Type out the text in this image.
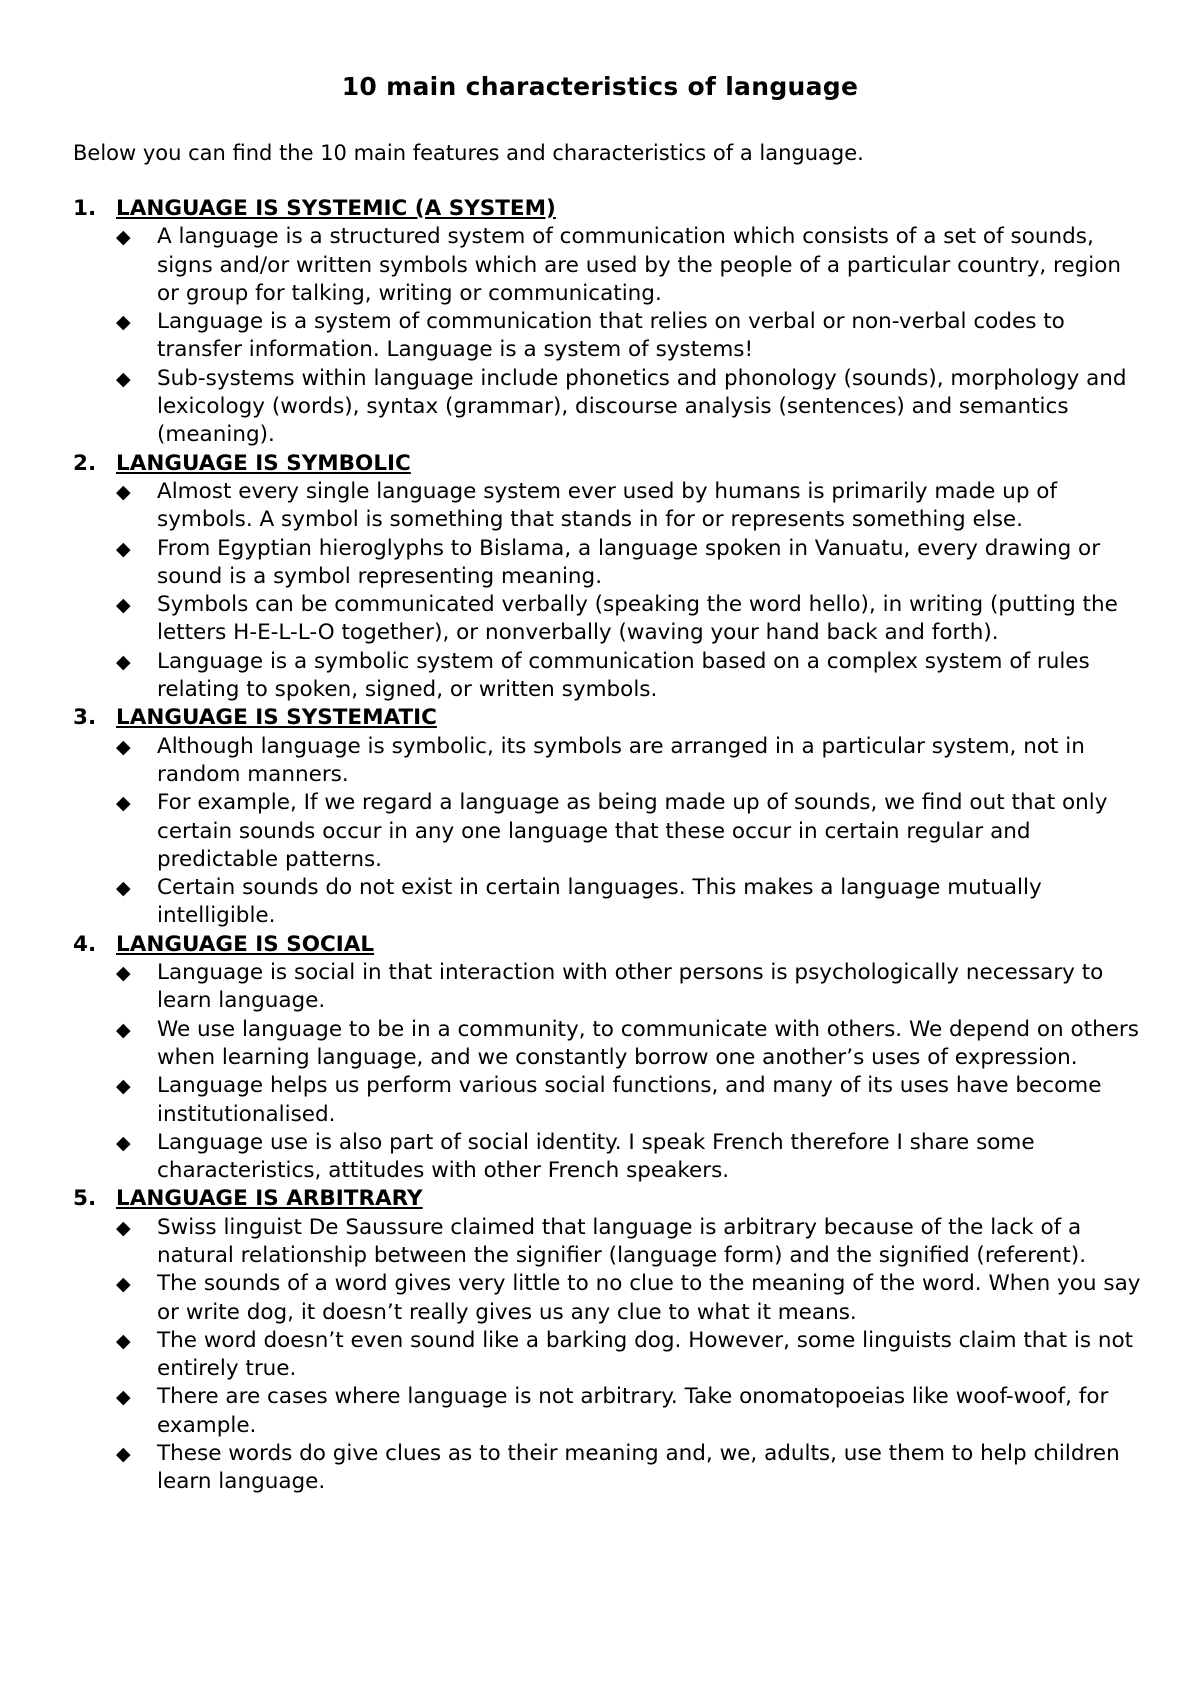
10 main characteristics of language

Below you can find the 10 main features and characteristics of a language.

1. LANGUAGE IS SYSTEMIC (A SYSTEM)
◆	A language is a structured system of communication which consists of a set of sounds, signs and/or written symbols which are used by the people of a particular country, region or group for talking, writing or communicating.
◆	Language is a system of communication that relies on verbal or non-verbal codes to transfer information. Language is a system of systems!
◆	Sub-systems within language include phonetics and phonology (sounds), morphology and lexicology (words), syntax (grammar), discourse analysis (sentences) and semantics (meaning).
2. LANGUAGE IS SYMBOLIC
◆	Almost every single language system ever used by humans is primarily made up of symbols. A symbol is something that stands in for or represents something else.
◆	From Egyptian hieroglyphs to Bislama, a language spoken in Vanuatu, every drawing or sound is a symbol representing meaning.
◆	Symbols can be communicated verbally (speaking the word hello), in writing (putting the letters H-E-L-L-O together), or nonverbally (waving your hand back and forth).
◆	Language is a symbolic system of communication based on a complex system of rules relating to spoken, signed, or written symbols.
3. LANGUAGE IS SYSTEMATIC
◆	Although language is symbolic, its symbols are arranged in a particular system, not in random manners.
◆	For example, If we regard a language as being made up of sounds, we find out that only certain sounds occur in any one language that these occur in certain regular and predictable patterns.
◆	Certain sounds do not exist in certain languages. This makes a language mutually intelligible.
4. LANGUAGE IS SOCIAL
◆	Language is social in that interaction with other persons is psychologically necessary to learn language.
◆	We use language to be in a community, to communicate with others. We depend on others when learning language, and we constantly borrow one another’s uses of expression.
◆	Language helps us perform various social functions, and many of its uses have become institutionalised.
◆	Language use is also part of social identity. I speak French therefore I share some characteristics, attitudes with other French speakers.
5. LANGUAGE IS ARBITRARY
◆	Swiss linguist De Saussure claimed that language is arbitrary because of the lack of a natural relationship between the signifier (language form) and the signified (referent).
◆	The sounds of a word gives very little to no clue to the meaning of the word. When you say or write dog, it doesn’t really gives us any clue to what it means.
◆	The word doesn’t even sound like a barking dog. However, some linguists claim that is not entirely true.
◆	There are cases where language is not arbitrary. Take onomatopoeias like woof-woof, for example.
◆	These words do give clues as to their meaning and, we, adults, use them to help children learn language.
